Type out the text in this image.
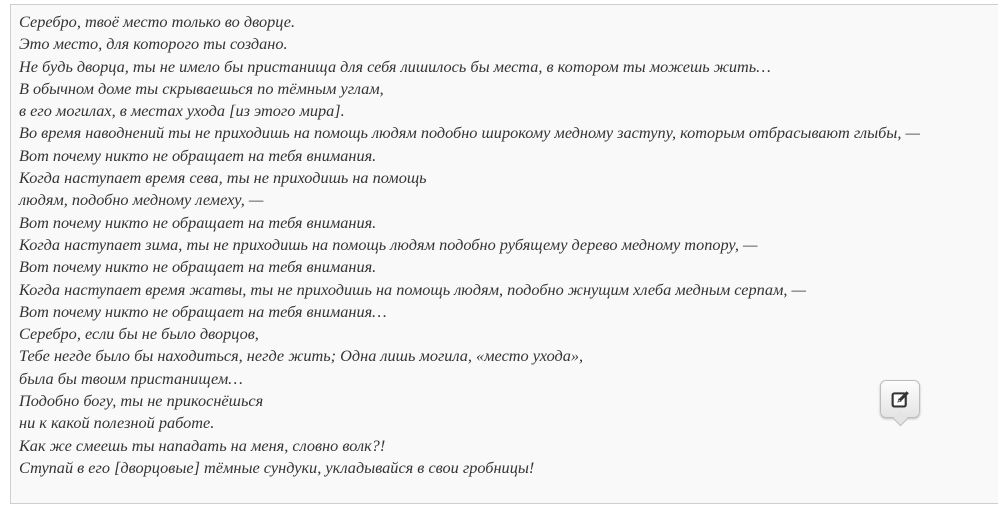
Серебро, твоё место только во дворце.
Это место, для которого ты создано.
Не будь дворца, ты не имело бы пристанища для себя лишилось бы места, в котором ты можешь жить…
В обычном доме ты скрываешься по тёмным углам,
в его могилах, в местах ухода [из этого мира].
Во время наводнений ты не приходишь на помощь людям подобно широкому медному заступу, которым отбрасывают глыбы, —
Вот почему никто не обращает на тебя внимания.
Когда наступает время сева, ты не приходишь на помощь
людям, подобно медному лемеху, —
Вот почему никто не обращает на тебя внимания.
Когда наступает зима, ты не приходишь на помощь людям подобно рубящему дерево медному топору, —
Вот почему никто не обращает на тебя внимания.
Когда наступает время жатвы, ты не приходишь на помощь людям, подобно жнущим хлеба медным серпам, —
Вот почему никто не обращает на тебя внимания…
Серебро, если бы не было дворцов,
Тебе негде было бы находиться, негде жить; Одна лишь могила, «место ухода»,
была бы твоим пристанищем…
Подобно богу, ты не прикоснёшься
ни к какой полезной работе.
Как же смеешь ты нападать на меня, словно волк?!
Ступай в его [дворцовые] тёмные сундуки, укладывайся в свои гробницы!
